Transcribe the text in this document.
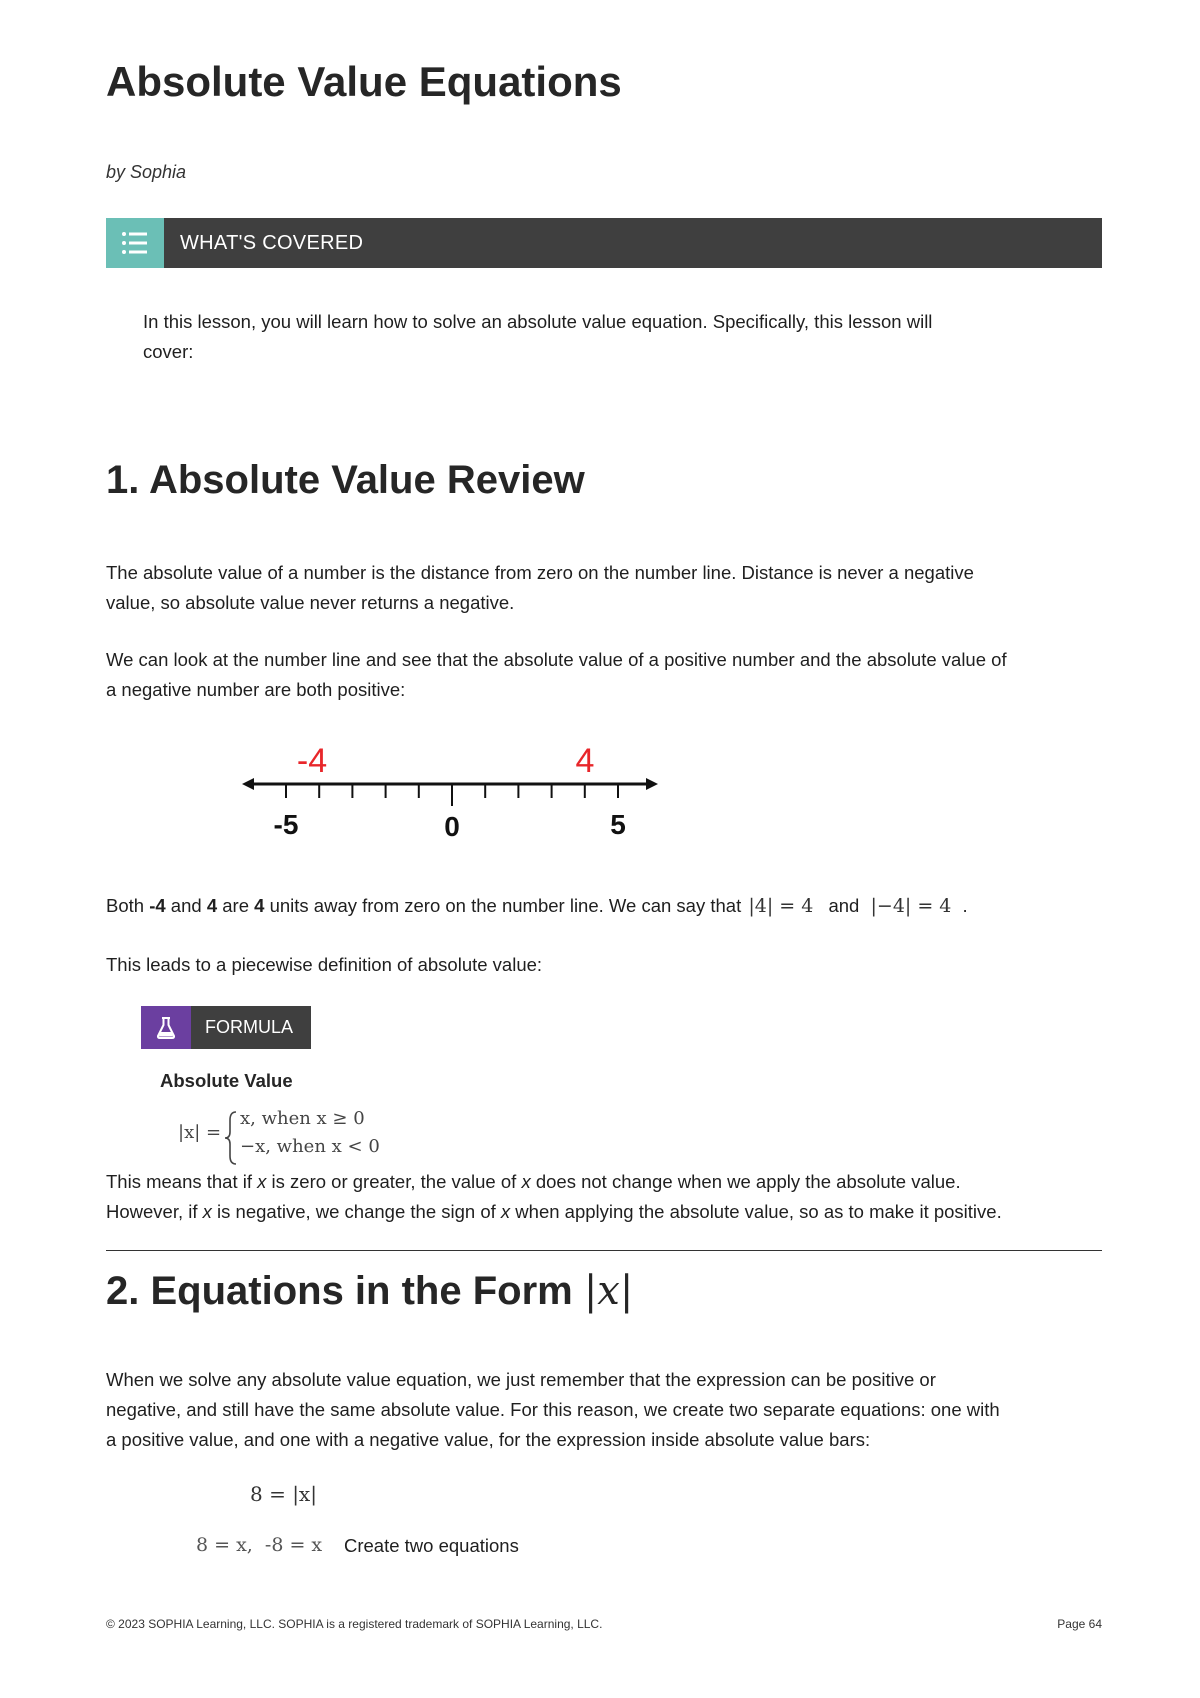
Absolute Value Equations
by Sophia
WHAT'S COVERED
In this lesson, you will learn how to solve an absolute value equation. Specifically, this lesson will
cover:
1. Absolute Value Review
The absolute value of a number is the distance from zero on the number line. Distance is never a negative
value, so absolute value never returns a negative.
We can look at the number line and see that the absolute value of a positive number and the absolute value of
a negative number are both positive:
-5	0	5
-4	4
Both -4 and 4 are 4 units away from zero on the number line. We can say that |4| = 4 and |−4| = 4 .
This leads to a piecewise definition of absolute value:
FORMULA
Absolute Value
|x| =
x, when x ≥ 0
−x, when x < 0
This means that if x is zero or greater, the value of x does not change when we apply the absolute value.
However, if x is negative, we change the sign of x when applying the absolute value, so as to make it positive.
2. Equations in the Form |x|
When we solve any absolute value equation, we just remember that the expression can be positive or
negative, and still have the same absolute value. For this reason, we create two separate equations: one with
a positive value, and one with a negative value, for the expression inside absolute value bars:
8 = |x|
8 = x,  -8 = x Create two equations
© 2023 SOPHIA Learning, LLC. SOPHIA is a registered trademark of SOPHIA Learning, LLC.	Page 64
